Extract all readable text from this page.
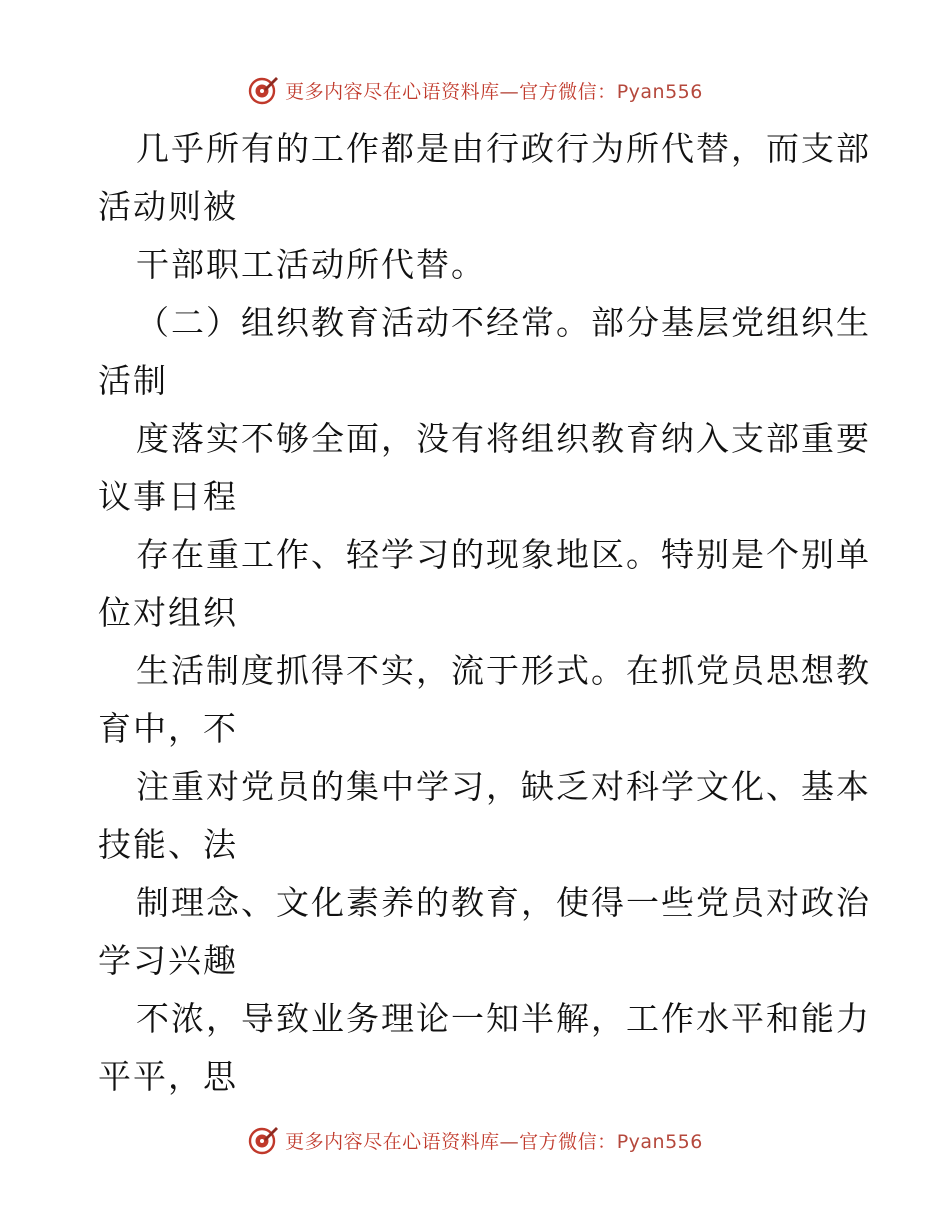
更多内容尽在心语资料库—官方微信：Pyan556
几乎所有的工作都是由行政行为所代替，而支部
活动则被
干部职工活动所代替。
（二）组织教育活动不经常。部分基层党组织生
活制
度落实不够全面，没有将组织教育纳入支部重要
议事日程
存在重工作、轻学习的现象地区。特别是个别单
位对组织
生活制度抓得不实，流于形式。在抓党员思想教
育中，不
注重对党员的集中学习，缺乏对科学文化、基本
技能、法
制理念、文化素养的教育，使得一些党员对政治
学习兴趣
不浓，导致业务理论一知半解，工作水平和能力
平平，思
更多内容尽在心语资料库—官方微信：Pyan556
